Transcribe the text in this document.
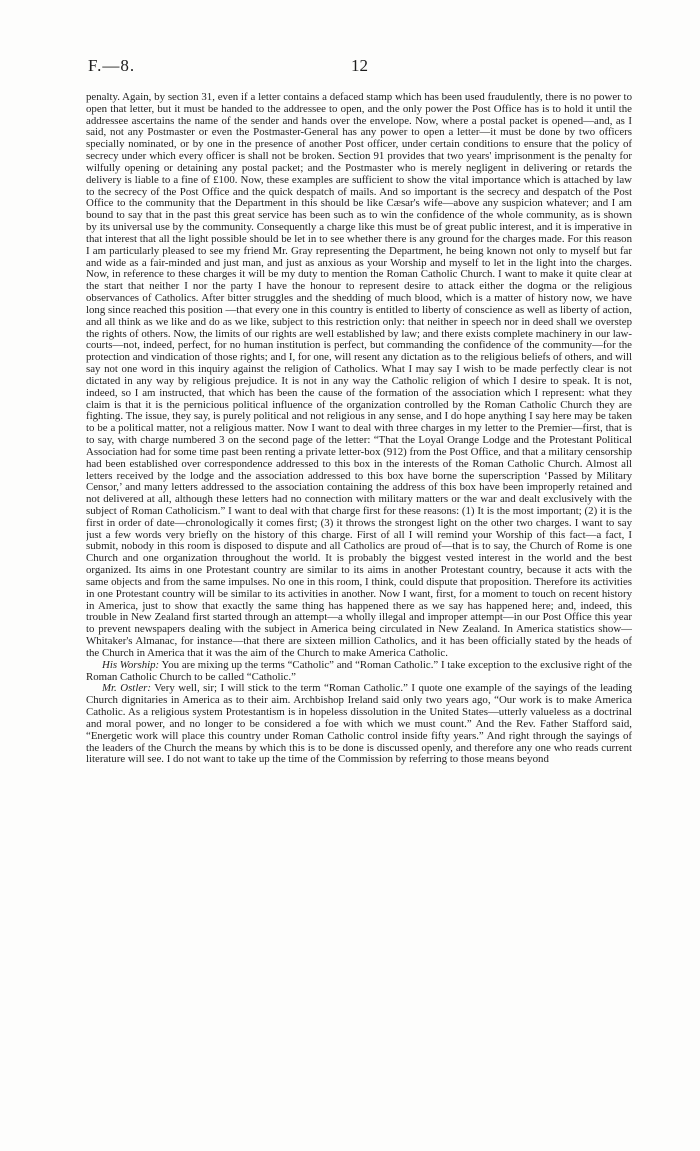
F.—8.	12

penalty. Again, by section 31, even if a letter contains a defaced stamp which has been used fraudulently, there is no power to open that letter, but it must be handed to the addressee to open, and the only power the Post Office has is to hold it until the addressee ascertains the name of the sender and hands over the envelope. Now, where a postal packet is opened—and, as I said, not any Postmaster or even the Postmaster-General has any power to open a letter—it must be done by two officers specially nominated, or by one in the presence of another Post officer, under certain conditions to ensure that the policy of secrecy under which every officer is shall not be broken. Section 91 provides that two years' imprisonment is the penalty for wilfully opening or detaining any postal packet; and the Postmaster who is merely negligent in delivering or retards the delivery is liable to a fine of £100. Now, these examples are sufficient to show the vital importance which is attached by law to the secrecy of the Post Office and the quick despatch of mails. And so important is the secrecy and despatch of the Post Office to the community that the Department in this should be like Cæsar's wife—above any suspicion whatever; and I am bound to say that in the past this great service has been such as to win the confidence of the whole community, as is shown by its universal use by the community. Consequently a charge like this must be of great public interest, and it is imperative in that interest that all the light possible should be let in to see whether there is any ground for the charges made. For this reason I am particularly pleased to see my friend Mr. Gray representing the Department, he being known not only to myself but far and wide as a fair-minded and just man, and just as anxious as your Worship and myself to let in the light into the charges. Now, in reference to these charges it will be my duty to mention the Roman Catholic Church. I want to make it quite clear at the start that neither I nor the party I have the honour to represent desire to attack either the dogma or the religious observances of Catholics. After bitter struggles and the shedding of much blood, which is a matter of history now, we have long since reached this position —that every one in this country is entitled to liberty of conscience as well as liberty of action, and all think as we like and do as we like, subject to this restriction only: that neither in speech nor in deed shall we overstep the rights of others. Now, the limits of our rights are well established by law; and there exists complete machinery in our law-courts—not, indeed, perfect, for no human institution is perfect, but commanding the confidence of the community—for the protection and vindication of those rights; and I, for one, will resent any dictation as to the religious beliefs of others, and will say not one word in this inquiry against the religion of Catholics. What I may say I wish to be made perfectly clear is not dictated in any way by religious prejudice. It is not in any way the Catholic religion of which I desire to speak. It is not, indeed, so I am instructed, that which has been the cause of the formation of the association which I represent: what they claim is that it is the pernicious political influence of the organization controlled by the Roman Catholic Church they are fighting. The issue, they say, is purely political and not religious in any sense, and I do hope anything I say here may be taken to be a political matter, not a religious matter. Now I want to deal with three charges in my letter to the Premier—first, that is to say, with charge numbered 3 on the second page of the letter: “That the Loyal Orange Lodge and the Protestant Political Association had for some time past been renting a private letter-box (912) from the Post Office, and that a military censorship had been established over correspondence addressed to this box in the interests of the Roman Catholic Church. Almost all letters received by the lodge and the association addressed to this box have borne the superscription ‘Passed by Military Censor,’ and many letters addressed to the association containing the address of this box have been improperly retained and not delivered at all, although these letters had no connection with military matters or the war and dealt exclusively with the subject of Roman Catholicism.” I want to deal with that charge first for these reasons: (1) It is the most important; (2) it is the first in order of date—chronologically it comes first; (3) it throws the strongest light on the other two charges. I want to say just a few words very briefly on the history of this charge. First of all I will remind your Worship of this fact—a fact, I submit, nobody in this room is disposed to dispute and all Catholics are proud of—that is to say, the Church of Rome is one Church and one organization throughout the world. It is probably the biggest vested interest in the world and the best organized. Its aims in one Protestant country are similar to its aims in another Protestant country, because it acts with the same objects and from the same impulses. No one in this room, I think, could dispute that proposition. Therefore its activities in one Protestant country will be similar to its activities in another. Now I want, first, for a moment to touch on recent history in America, just to show that exactly the same thing has happened there as we say has happened here; and, indeed, this trouble in New Zealand first started through an attempt—a wholly illegal and improper attempt—in our Post Office this year to prevent newspapers dealing with the subject in America being circulated in New Zealand. In America statistics show—Whitaker's Almanac, for instance—that there are sixteen million Catholics, and it has been officially stated by the heads of the Church in America that it was the aim of the Church to make America Catholic.

His Worship: You are mixing up the terms “Catholic” and “Roman Catholic.” I take exception to the exclusive right of the Roman Catholic Church to be called “Catholic.”

Mr. Ostler: Very well, sir; I will stick to the term “Roman Catholic.” I quote one example of the sayings of the leading Church dignitaries in America as to their aim. Archbishop Ireland said only two years ago, “Our work is to make America Catholic. As a religious system Protestantism is in hopeless dissolution in the United States—utterly valueless as a doctrinal and moral power, and no longer to be considered a foe with which we must count.” And the Rev. Father Stafford said, “Energetic work will place this country under Roman Catholic control inside fifty years.” And right through the sayings of the leaders of the Church the means by which this is to be done is discussed openly, and therefore any one who reads current literature will see. I do not want to take up the time of the Commission by referring to those means beyond
